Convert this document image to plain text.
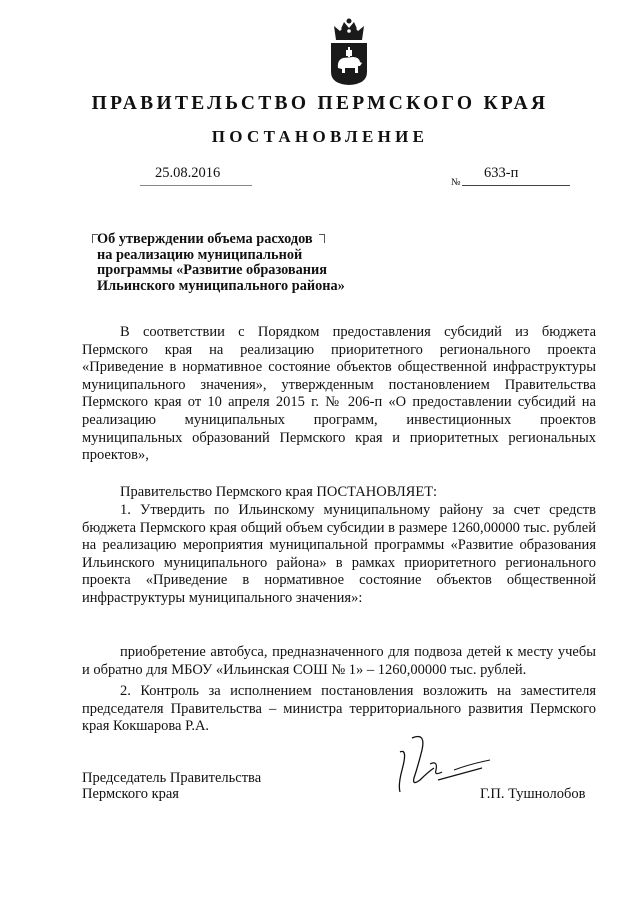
ПРАВИТЕЛЬСТВО ПЕРМСКОГО КРАЯ
ПОСТАНОВЛЕНИЕ
25.08.2016
№
633-п
Об утверждении объема расходов
на реализацию муниципальной
программы «Развитие образования
Ильинского муниципального района»
В соответствии с Порядком предоставления субсидий из бюджета Пермского края на реализацию приоритетного регионального проекта «Приведение в нормативное состояние объектов общественной инфраструктуры муниципального значения», утвержденным постановлением Правительства Пермского края от 10 апреля 2015 г. № 206-п «О предоставлении субсидий на реализацию муниципальных программ, инвестиционных проектов муниципальных образований Пермского края и приоритетных региональных проектов»,
Правительство Пермского края ПОСТАНОВЛЯЕТ:
1. Утвердить по Ильинскому муниципальному району за счет средств бюджета Пермского края общий объем субсидии в размере 1260,00000 тыс. рублей на реализацию мероприятия муниципальной программы «Развитие образования Ильинского муниципального района» в рамках приоритетного регионального проекта «Приведение в нормативное состояние объектов общественной инфраструктуры муниципального значения»:
приобретение автобуса, предназначенного для подвоза детей к месту учебы и обратно для МБОУ «Ильинская СОШ № 1» – 1260,00000 тыс. рублей.
2. Контроль за исполнением постановления возложить на заместителя председателя Правительства – министра территориального развития Пермского края Кокшарова Р.А.
Председатель Правительства
Пермского края	Г.П. Тушнолобов
